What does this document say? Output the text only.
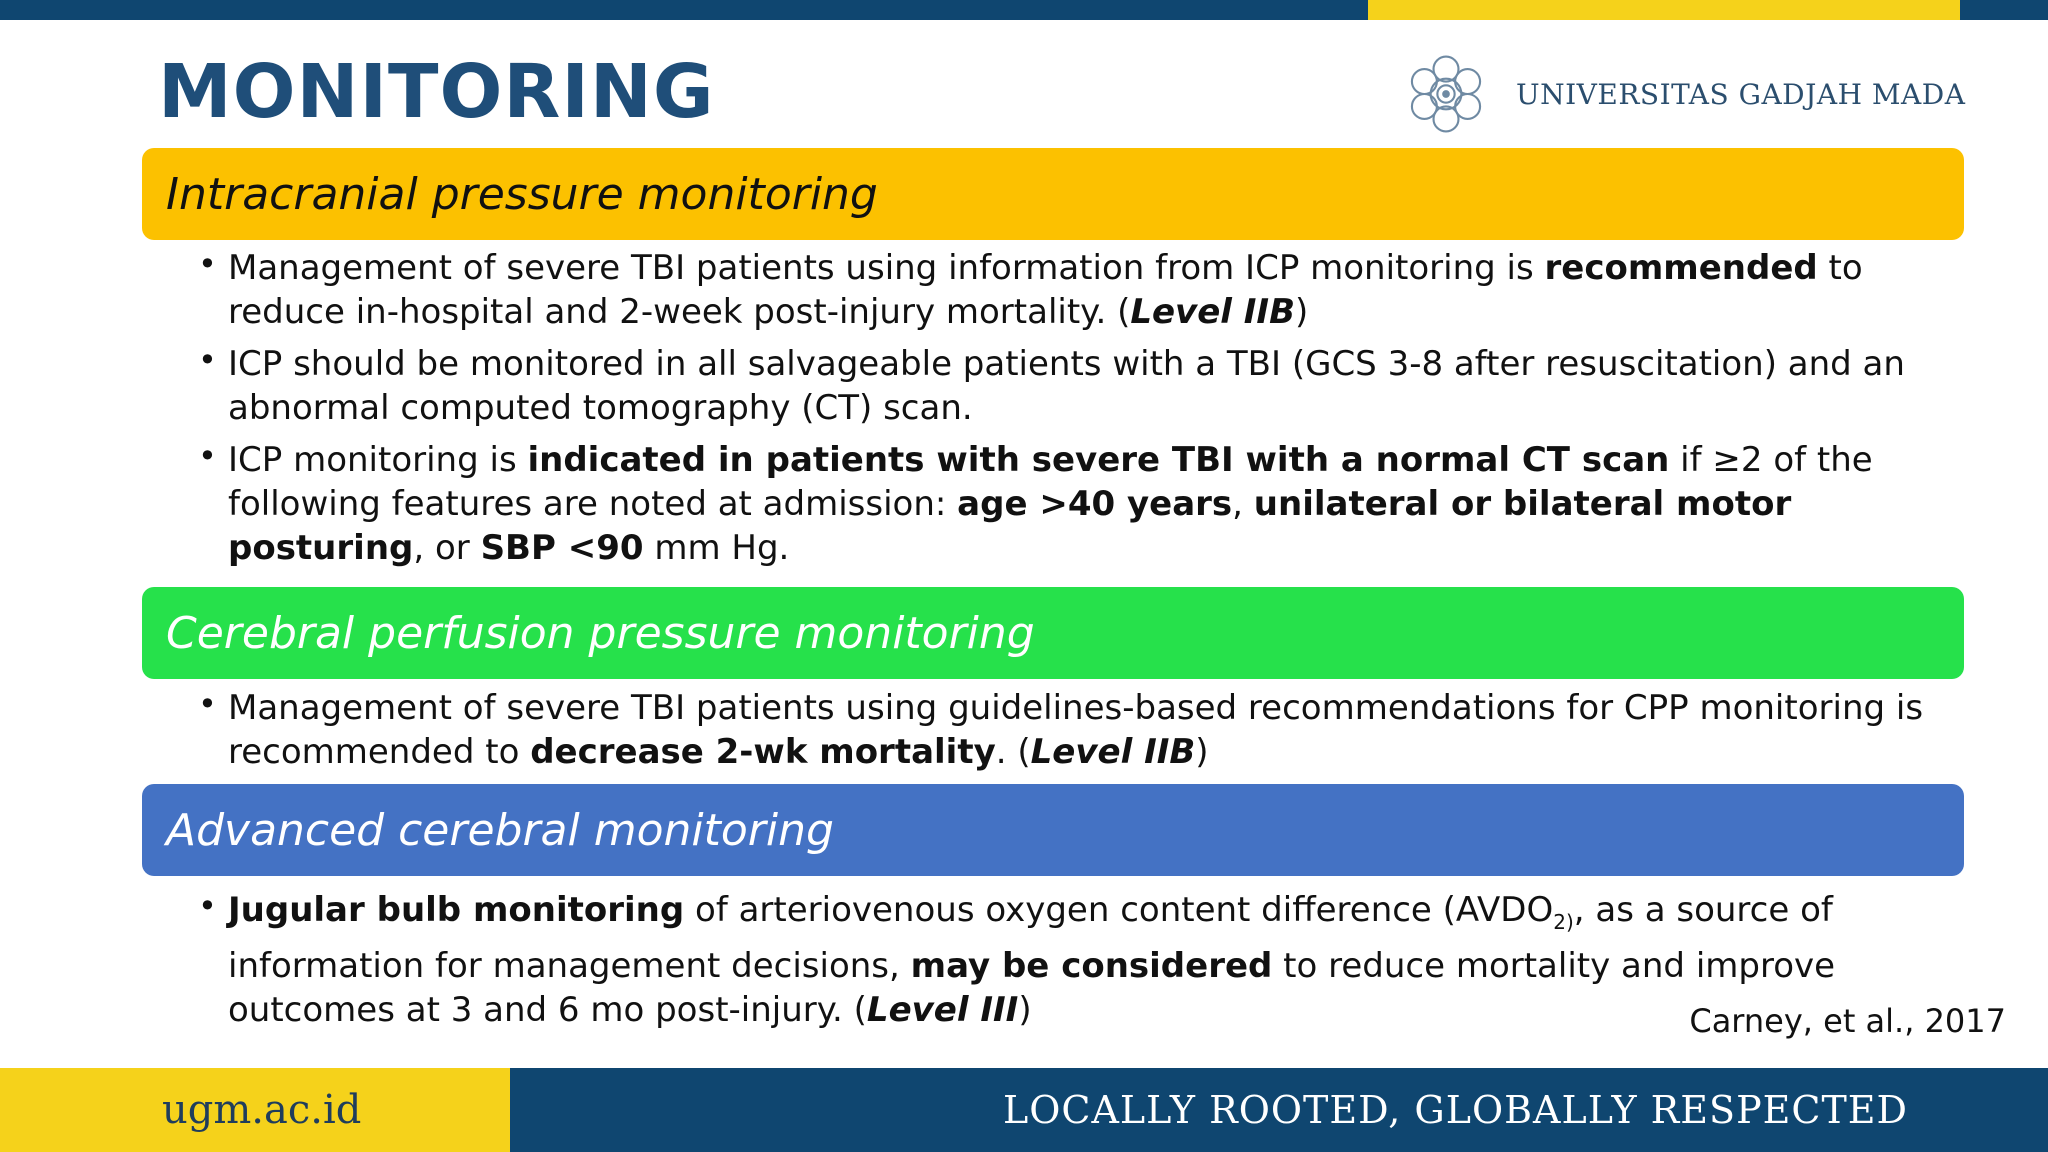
MONITORING	UNIVERSITAS GADJAH MADA
Intracranial pressure monitoring
• Management of severe TBI patients using information from ICP monitoring is recommended to reduce in-hospital and 2-week post-injury mortality. (Level IIB)
• ICP should be monitored in all salvageable patients with a TBI (GCS 3-8 after resuscitation) and an abnormal computed tomography (CT) scan.
• ICP monitoring is indicated in patients with severe TBI with a normal CT scan if ≥2 of the following features are noted at admission: age >40 years, unilateral or bilateral motor posturing, or SBP <90 mm Hg.
Cerebral perfusion pressure monitoring
• Management of severe TBI patients using guidelines-based recommendations for CPP monitoring is recommended to decrease 2-wk mortality. (Level IIB)
Advanced cerebral monitoring
• Jugular bulb monitoring of arteriovenous oxygen content difference ($AVDO_{2)}$, as a source of information for management decisions, may be considered to reduce mortality and improve outcomes at 3 and 6 mo post-injury. (Level III)	Carney, et al., 2017
ugm.ac.id	LOCALLY ROOTED, GLOBALLY RESPECTED
